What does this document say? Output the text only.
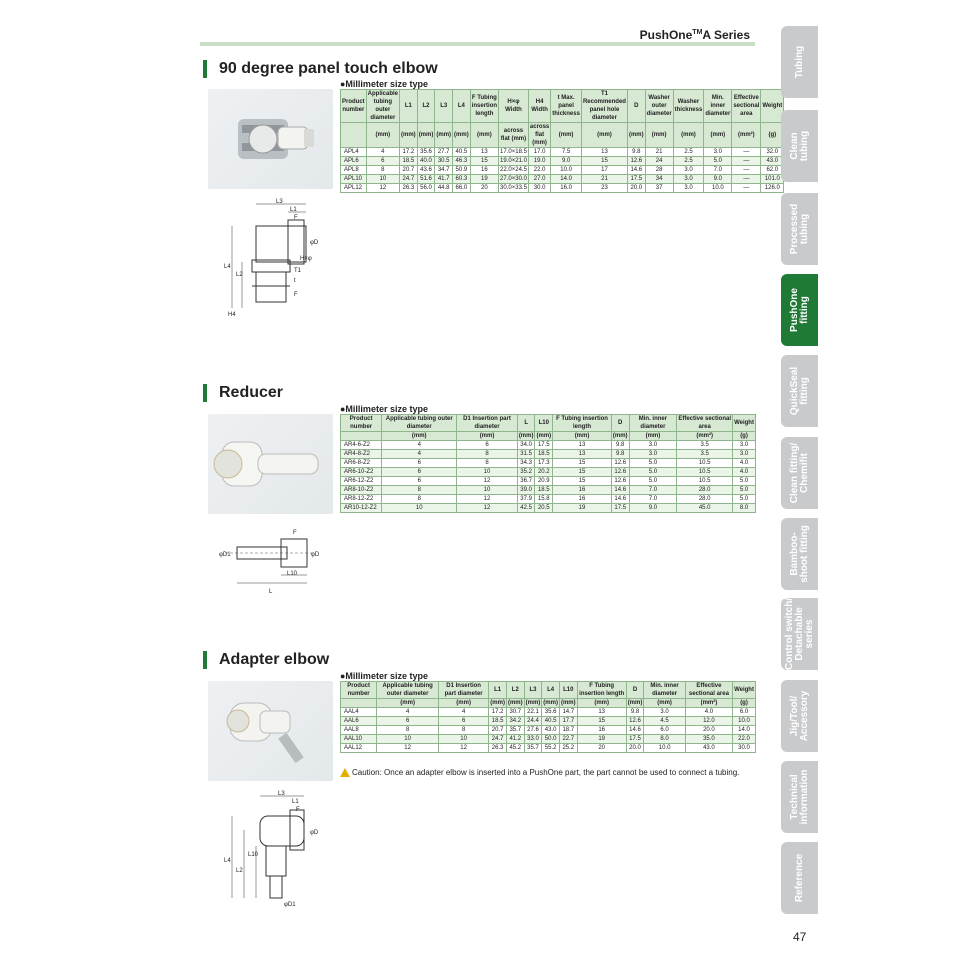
PushOne™A Series
90 degree panel touch elbow
●Millimeter size type
Product number	Applicable tubing outer diameter	L1	L2	L3	L4	F Tubing insertion length	H×φ Width	H4 Width	t Max. panel thickness	T1 Recommended panel hole diameter	D	Washer outer diameter	Washer thickness	Min. inner diameter	Effective sectional area	Weight
	(mm)	(mm)	(mm)	(mm)	(mm)	(mm)	across flat (mm)	across flat (mm)	(mm)	(mm)	(mm)	(mm)	(mm)	(mm)	(mm²)	(g)
APL4	4	17.2	35.6	27.7	40.5	13	17.0×18.5	17.0	7.5	13	9.8	21	2.5	3.0	—	32.0
APL6	6	18.5	40.0	30.5	46.3	15	19.0×21.0	19.0	9.0	15	12.6	24	2.5	5.0	—	43.0
APL8	8	20.7	43.6	34.7	50.9	16	22.0×24.5	22.0	10.0	17	14.6	28	3.0	7.0	—	62.0
APL10	10	24.7	51.6	41.7	60.3	19	27.0×30.0	27.0	14.0	21	17.5	34	3.0	9.0	—	101.0
APL12	12	26.3	56.0	44.8	66.0	20	30.0×33.5	30.0	16.0	23	20.0	37	3.0	10.0	—	126.0
L3
L1
F
φD
H×φ
T1
t
L4
L2
F
H4
Reducer
●Millimeter size type
Product number	Applicable tubing outer diameter	D1 Insertion part diameter	L	L10	F Tubing insertion length	D	Min. inner diameter	Effective sectional area	Weight
	(mm)	(mm)	(mm)	(mm)	(mm)	(mm)	(mm)	(mm²)	(g)
AR4-6-Z2	4	6	34.0	17.5	13	9.8	3.0	3.5	3.0
AR4-8-Z2	4	8	31.5	18.5	13	9.8	3.0	3.5	3.0
AR6-8-Z2	6	8	34.3	17.3	15	12.6	5.0	10.5	4.0
AR6-10-Z2	6	10	35.2	20.2	15	12.6	5.0	10.5	4.0
AR6-12-Z2	6	12	36.7	20.9	15	12.6	5.0	10.5	5.0
AR8-10-Z2	8	10	39.0	18.5	16	14.6	7.0	28.0	5.0
AR8-12-Z2	8	12	37.9	15.8	16	14.6	7.0	28.0	5.0
AR10-12-Z2	10	12	42.5	20.5	19	17.5	9.0	45.0	8.0
F
φD1	φD
L10
L
Adapter elbow
●Millimeter size type
Product number	Applicable tubing outer diameter	D1 Insertion part diameter	L1	L2	L3	L4	L10	F Tubing insertion length	D	Min. inner diameter	Effective sectional area	Weight
	(mm)	(mm)	(mm)	(mm)	(mm)	(mm)	(mm)	(mm)	(mm)	(mm)	(mm²)	(g)
AAL4	4	4	17.2	30.7	22.1	35.6	14.7	13	9.8	3.0	4.0	6.0
AAL6	6	6	18.5	34.2	24.4	40.5	17.7	15	12.6	4.5	12.0	10.0
AAL8	8	8	20.7	35.7	27.6	43.0	18.7	16	14.6	6.0	20.0	14.0
AAL10	10	10	24.7	41.2	33.0	50.0	22.7	19	17.5	8.0	35.0	22.0
AAL12	12	12	26.3	45.2	35.7	55.2	25.2	20	20.0	10.0	43.0	30.0
Caution: Once an adapter elbow is inserted into a PushOne part, the part cannot be used to connect a tubing.
L3
L1
F
φD
L10
L4
L2
φD1
Tubing
Clean
tubing
Processed
tubing
PushOne
fitting
QuickSeal
fitting
Clean fitting/
Chemifit
Bamboo-
shoot fitting
Control switch/
Detachable
series
Jig/Tool/
Accessory
Technical
information
Reference
47
